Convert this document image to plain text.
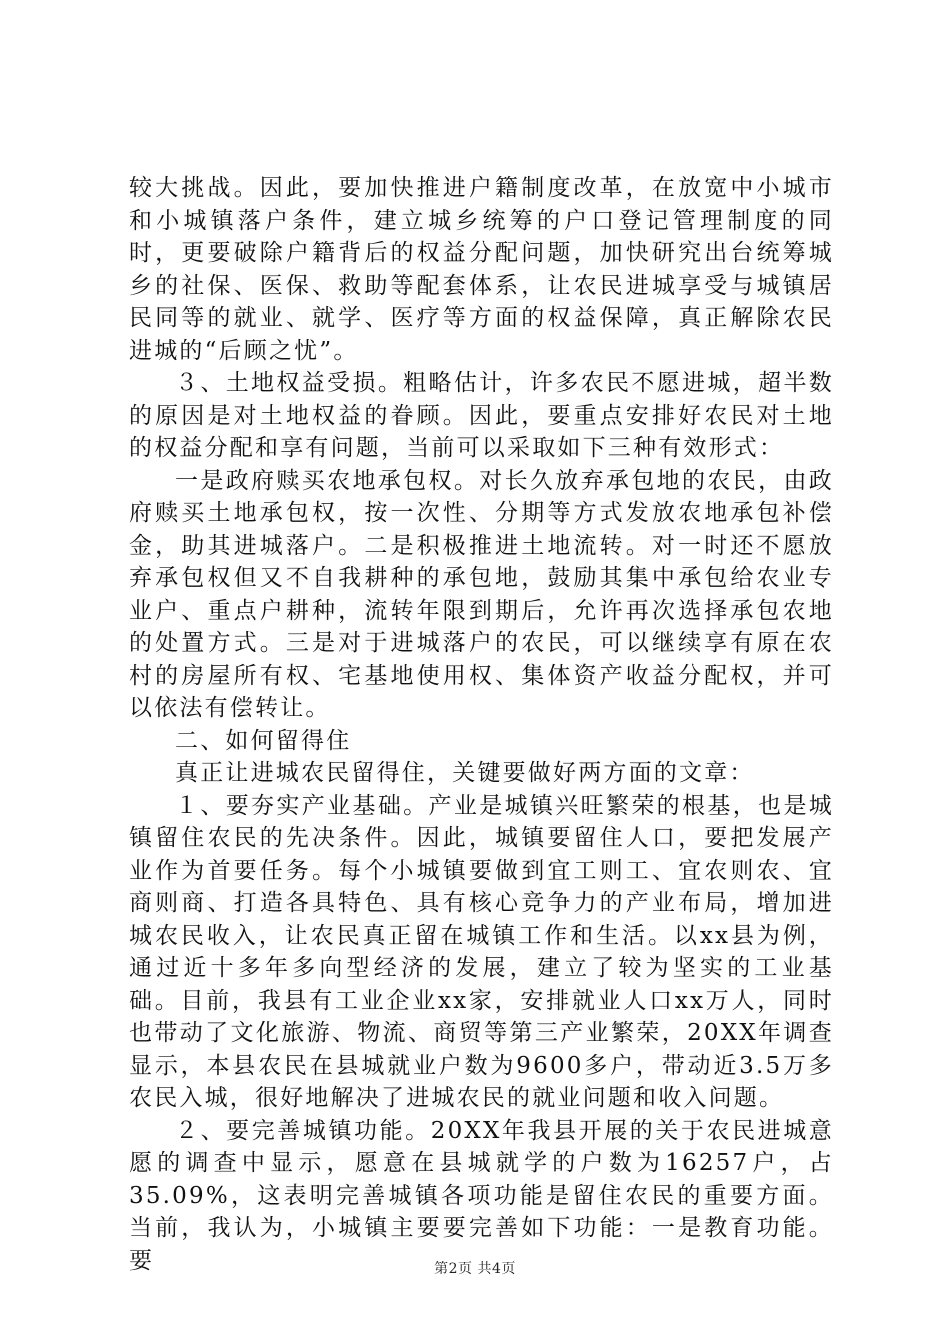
较大挑战。因此，要加快推进户籍制度改革，在放宽中小城市和小城镇落户条件，建立城乡统筹的户口登记管理制度的同时，更要破除户籍背后的权益分配问题，加快研究出台统筹城乡的社保、医保、救助等配套体系，让农民进城享受与城镇居民同等的就业、就学、医疗等方面的权益保障，真正解除农民进城的“后顾之忧”。

３、土地权益受损。粗略估计，许多农民不愿进城，超半数的原因是对土地权益的眷顾。因此，要重点安排好农民对土地的权益分配和享有问题，当前可以采取如下三种有效形式：

一是政府赎买农地承包权。对长久放弃承包地的农民，由政府赎买土地承包权，按一次性、分期等方式发放农地承包补偿金，助其进城落户。二是积极推进土地流转。对一时还不愿放弃承包权但又不自我耕种的承包地，鼓励其集中承包给农业专业户、重点户耕种，流转年限到期后，允许再次选择承包农地的处置方式。三是对于进城落户的农民，可以继续享有原在农村的房屋所有权、宅基地使用权、集体资产收益分配权，并可以依法有偿转让。

二、如何留得住

真正让进城农民留得住，关键要做好两方面的文章：

１、要夯实产业基础。产业是城镇兴旺繁荣的根基，也是城镇留住农民的先决条件。因此，城镇要留住人口，要把发展产业作为首要任务。每个小城镇要做到宜工则工、宜农则农、宜商则商、打造各具特色、具有核心竞争力的产业布局，增加进城农民收入，让农民真正留在城镇工作和生活。以xx县为例，通过近十多年多向型经济的发展，建立了较为坚实的工业基础。目前，我县有工业企业xx家，安排就业人口xx万人，同时也带动了文化旅游、物流、商贸等第三产业繁荣，20XX年调查显示，本县农民在县城就业户数为9600多户，带动近3.5万多农民入城，很好地解决了进城农民的就业问题和收入问题。

２、要完善城镇功能。20XX年我县开展的关于农民进城意愿的调查中显示，愿意在县城就学的户数为16257户，占35.09%，这表明完善城镇各项功能是留住农民的重要方面。当前，我认为，小城镇主要要完善如下功能：一是教育功能。要	第2页 共4页
